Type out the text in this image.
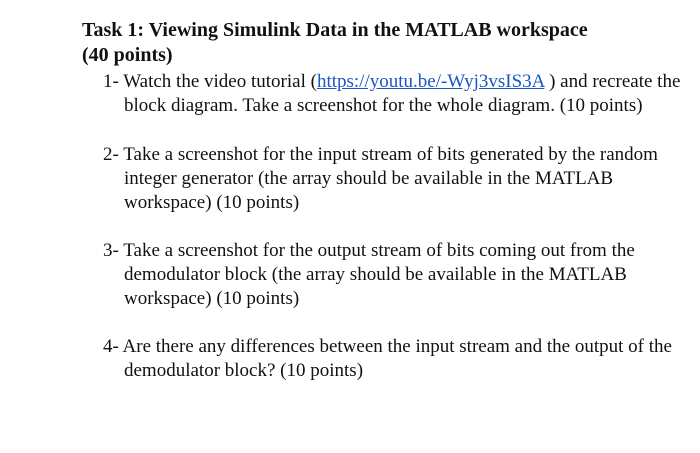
Task 1: Viewing Simulink Data in the MATLAB workspace
(40 points)

1- Watch the video tutorial (https://youtu.be/-Wyj3vsIS3A ) and recreate the block diagram. Take a screenshot for the whole diagram. (10 points)
2- Take a screenshot for the input stream of bits generated by the random integer generator (the array should be available in the MATLAB workspace) (10 points)
3- Take a screenshot for the output stream of bits coming out from the demodulator block (the array should be available in the MATLAB workspace) (10 points)
4- Are there any differences between the input stream and the output of the demodulator block? (10 points)
